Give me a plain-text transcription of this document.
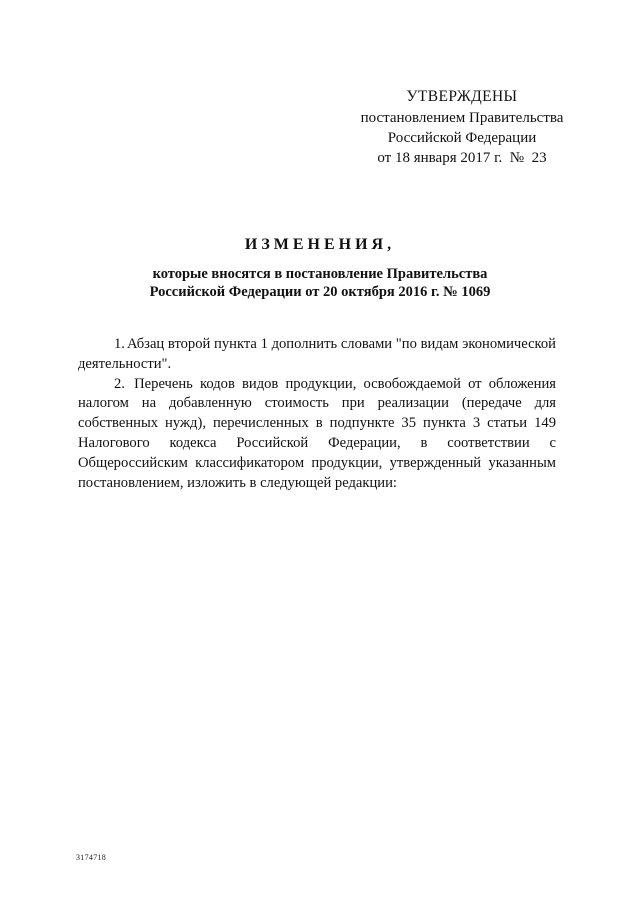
УТВЕРЖДЕНЫ
постановлением Правительства
Российской Федерации
от 18 января 2017 г.  №  23
ИЗМЕНЕНИЯ,
которые вносятся в постановление Правительства
Российской Федерации от 20 октября 2016 г. № 1069

1. Абзац второй пункта 1 дополнить словами "по видам экономической деятельности".

2. Перечень кодов видов продукции, освобождаемой от обложения налогом на добавленную стоимость при реализации (передаче для собственных нужд), перечисленных в подпункте 35 пункта 3 статьи 149 Налогового кодекса Российской Федерации, в соответствии с Общероссийским классификатором продукции, утвержденный указанным постановлением, изложить в следующей редакции:

3174718
